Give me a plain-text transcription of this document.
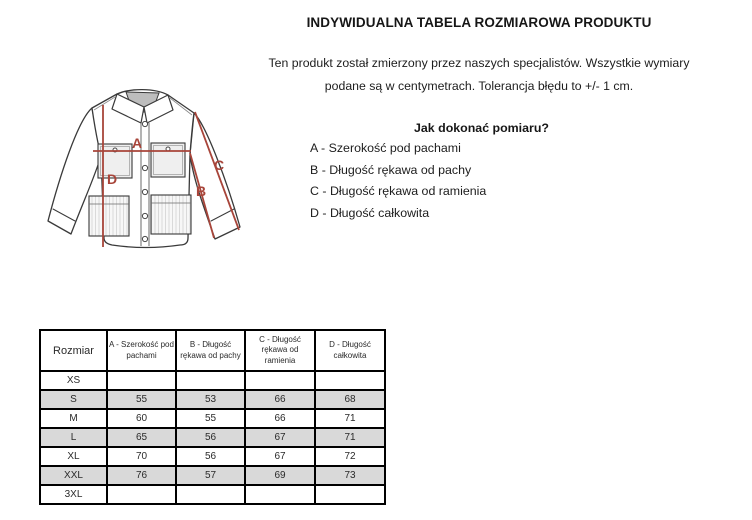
INDYWIDUALNA TABELA ROZMIAROWA PRODUKTU
Ten produkt został zmierzony przez naszych specjalistów. Wszystkie wymiary
podane są w centymetrach. Tolerancja błędu to +/- 1 cm.
Jak dokonać pomiaru?
A - Szerokość pod pachami
B - Długość rękawa od pachy
C - Długość rękawa od ramienia
D - Długość całkowita
A
D
C
B
Rozmiar	A - Szerokość pod pachami	B - Długość rękawa od pachy	C - Długość rękawa od ramienia	D - Długość całkowita
XS				
S	55	53	66	68
M	60	55	66	71
L	65	56	67	71
XL	70	56	67	72
XXL	76	57	69	73
3XL				
